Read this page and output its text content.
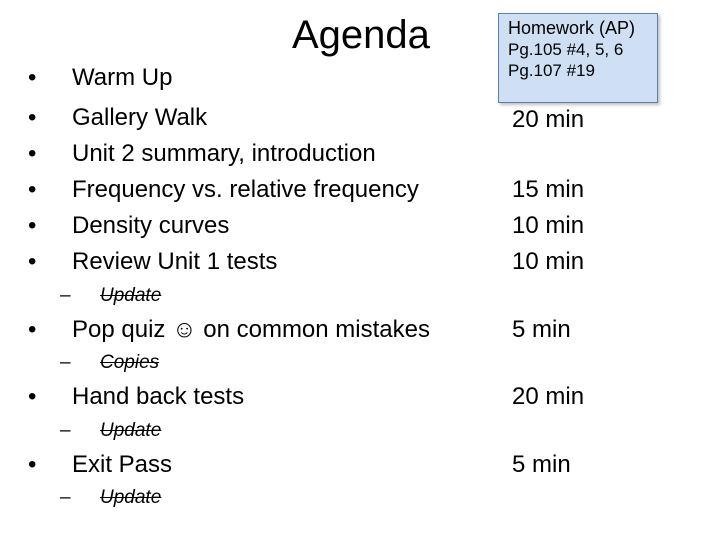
Agenda	Homework (AP)
Pg.105 #4, 5, 6
Pg.107 #19
• Warm Up
• Gallery Walk
• Unit 2 summary, introduction
• Frequency vs. relative frequency
• Density curves
• Review Unit 1 tests
– Update
• Pop quiz ☺ on common mistakes
– Copies
• Hand back tests
– Update
• Exit Pass
– Update
20 min
15 min
10 min
10 min
5 min
20 min
5 min
